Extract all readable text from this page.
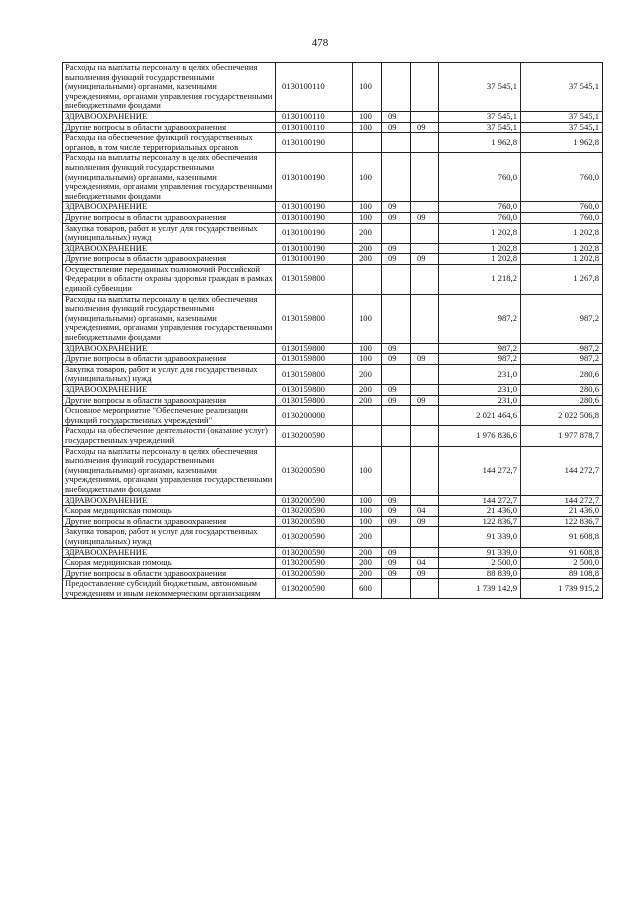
478
Расходы на выплаты персоналу в целях обеспечения выполнения функций государственными (муниципальными) органами, казенными учреждениями, органами управления государственными внебюджетными фондами	0130100110	100			37 545,1	37 545,1
ЗДРАВООХРАНЕНИЕ	0130100110	100	09		37 545,1	37 545,1
Другие вопросы в области здравоохранения	0130100110	100	09	09	37 545,1	37 545,1
Расходы на обеспечение функций государственных органов, в том числе территориальных органов	0130100190				1 962,8	1 962,8
Расходы на выплаты персоналу в целях обеспечения выполнения функций государственными (муниципальными) органами, казенными учреждениями, органами управления государственными внебюджетными фондами	0130100190	100			760,0	760,0
ЗДРАВООХРАНЕНИЕ	0130100190	100	09		760,0	760,0
Другие вопросы в области здравоохранения	0130100190	100	09	09	760,0	760,0
Закупка товаров, работ и услуг для государственных (муниципальных) нужд	0130100190	200			1 202,8	1 202,8
ЗДРАВООХРАНЕНИЕ	0130100190	200	09		1 202,8	1 202,8
Другие вопросы в области здравоохранения	0130100190	200	09	09	1 202,8	1 202,8
Осуществление переданных полномочий Российской Федерации в области охраны здоровья граждан в рамках единой субвенции	0130159800				1 218,2	1 267,8
Расходы на выплаты персоналу в целях обеспечения выполнения функций государственными (муниципальными) органами, казенными учреждениями, органами управления государственными внебюджетными фондами	0130159800	100			987,2	987,2
ЗДРАВООХРАНЕНИЕ	0130159800	100	09		987,2	987,2
Другие вопросы в области здравоохранения	0130159800	100	09	09	987,2	987,2
Закупка товаров, работ и услуг для государственных (муниципальных) нужд	0130159800	200			231,0	280,6
ЗДРАВООХРАНЕНИЕ	0130159800	200	09		231,0	280,6
Другие вопросы в области здравоохранения	0130159800	200	09	09	231,0	280,6
Основное мероприятие "Обеспечение реализации функций государственных учреждений"	0130200000				2 021 464,6	2 022 506,8
Расходы на обеспечение деятельности (оказание услуг) государственных учреждений	0130200590				1 976 836,6	1 977 878,7
Расходы на выплаты персоналу в целях обеспечения выполнения функций государственными (муниципальными) органами, казенными учреждениями, органами управления государственными внебюджетными фондами	0130200590	100			144 272,7	144 272,7
ЗДРАВООХРАНЕНИЕ	0130200590	100	09		144 272,7	144 272,7
Скорая медицинская помощь	0130200590	100	09	04	21 436,0	21 436,0
Другие вопросы в области здравоохранения	0130200590	100	09	09	122 836,7	122 836,7
Закупка товаров, работ и услуг для государственных (муниципальных) нужд	0130200590	200			91 339,0	91 608,8
ЗДРАВООХРАНЕНИЕ	0130200590	200	09		91 339,0	91 608,8
Скорая медицинская помощь	0130200590	200	09	04	2 500,0	2 500,0
Другие вопросы в области здравоохранения	0130200590	200	09	09	88 839,0	89 108,8
Предоставление субсидий бюджетным, автономным учреждениям и иным некоммерческим организациям	0130200590	600			1 739 142,9	1 739 915,2
